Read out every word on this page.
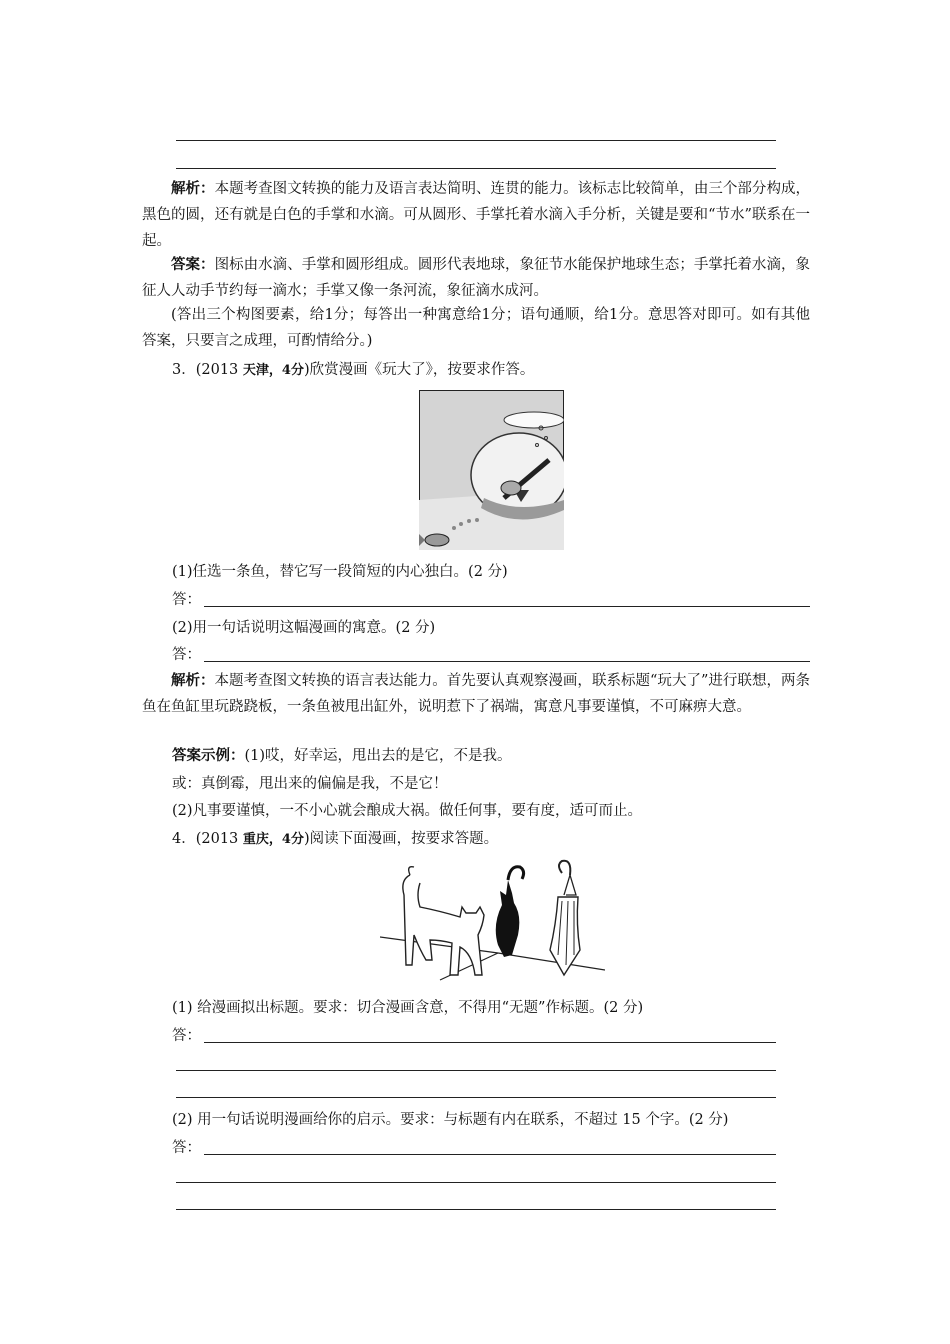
解析：本题考查图文转换的能力及语言表达简明、连贯的能力。该标志比较简单，由三个部分构成，黑色的圆，还有就是白色的手掌和水滴。可从圆形、手掌托着水滴入手分析，关键是要和“节水”联系在一起。
答案：图标由水滴、手掌和圆形组成。圆形代表地球，象征节水能保护地球生态；手掌托着水滴，象征人人动手节约每一滴水；手掌又像一条河流，象征滴水成河。
(答出三个构图要素，给1分；每答出一种寓意给1分；语句通顺，给1分。意思答对即可。如有其他答案，只要言之成理，可酌情给分。)
3．(2013 天津，4分)欣赏漫画《玩大了》，按要求作答。
(1)任选一条鱼，替它写一段简短的内心独白。(2 分)
答：
(2)用一句话说明这幅漫画的寓意。(2 分)
答：
解析：本题考查图文转换的语言表达能力。首先要认真观察漫画，联系标题“玩大了”进行联想，两条鱼在鱼缸里玩跷跷板，一条鱼被甩出缸外，说明惹下了祸端，寓意凡事要谨慎，不可麻痹大意。
答案示例：(1)哎，好幸运，甩出去的是它，不是我。
或：真倒霉，甩出来的偏偏是我，不是它！
(2)凡事要谨慎，一不小心就会酿成大祸。做任何事，要有度，适可而止。
4．(2013 重庆，4分)阅读下面漫画，按要求答题。
(1) 给漫画拟出标题。要求：切合漫画含意，不得用“无题”作标题。(2 分)
答：
(2) 用一句话说明漫画给你的启示。要求：与标题有内在联系，不超过 15 个字。(2 分)
答：
